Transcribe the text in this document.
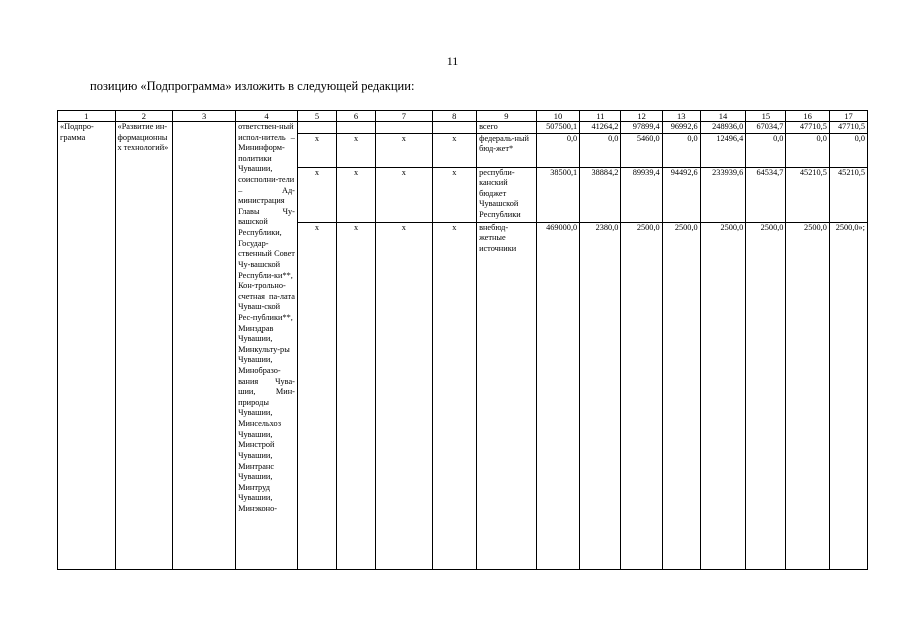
11
позицию «Подпрограмма» изложить в следующей редакции:
1	2	3	4	5	6	7	8	9	10	11	12	13	14	15	16	17
«Подпро-грамма	«Развитие ин-формационных технологий»		ответствен-ный испол-нитель – Мининформ-политики Чувашии, соисполни-тели – Ад-министрация Главы Чу-вашской Республики, Государ-ственный Совет Чу-вашской Республи-ки**, Кон-трольно-счетная па-лата Чуваш-ской Рес-публики**, Минздрав Чувашии, Минкульту-ры Чувашии, Минобразо-вания Чува-шии, Мин-природы Чувашии, Минсельхоз Чувашии, Минстрой Чувашии, Минтранс Чувашии, Минтруд Чувашии, Минэконо-					всего	507500,1	41264,2	97899,4	96992,6	248936,0	67034,7	47710,5	47710,5
				x	x	x	x	федераль-ный бюд-жет*	0,0	0,0	5460,0	0,0	12496,4	0,0	0,0	0,0
				x	x	x	x	республи-канский бюджет Чувашской Республики	38500,1	38884,2	89939,4	94492,6	233939,6	64534,7	45210,5	45210,5
				x	x	x	x	внебюд-жетные источники	469000,0	2380,0	2500,0	2500,0	2500,0	2500,0	2500,0	2500,0»;
